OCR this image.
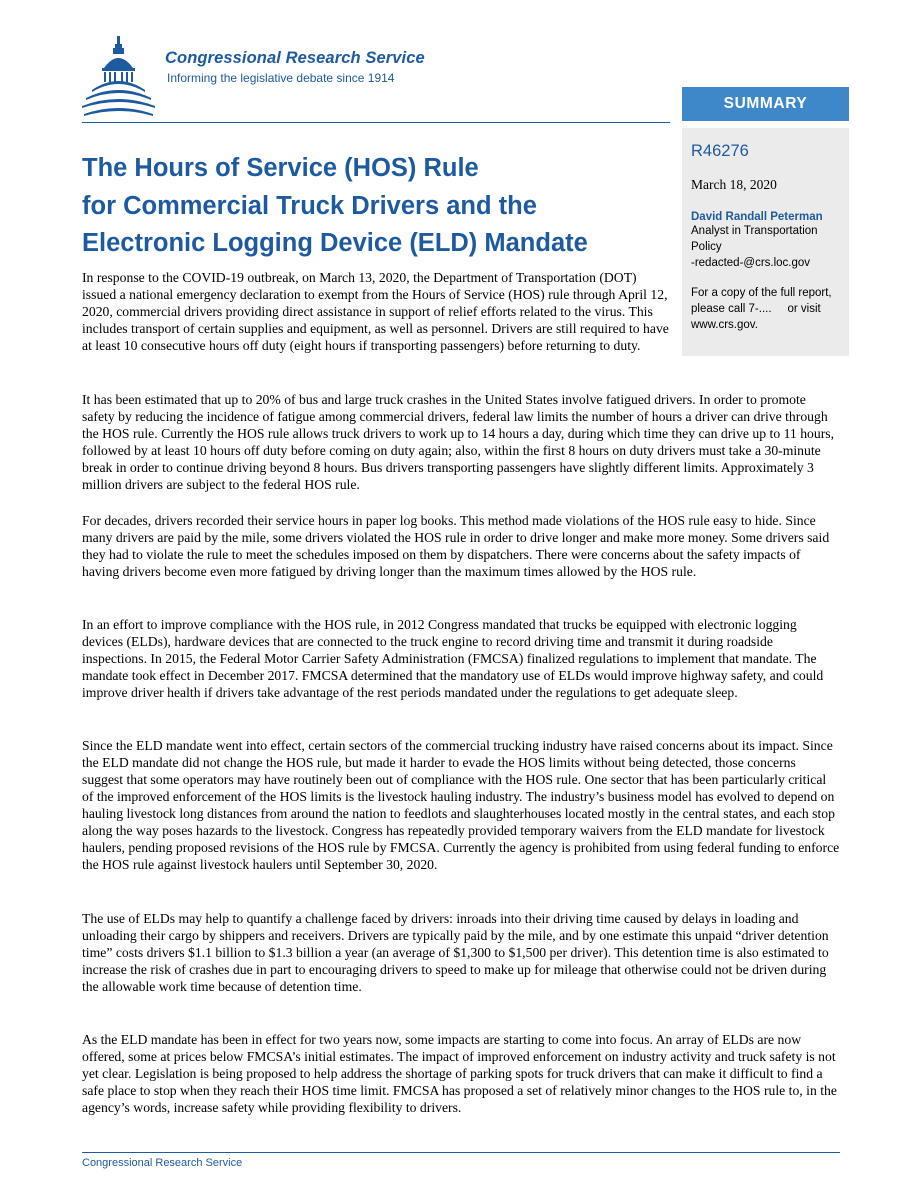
Congressional Research Service
Informing the legislative debate since 1914
SUMMARY
R46276
March 18, 2020
David Randall Peterman
Analyst in Transportation Policy
-redacted-@crs.loc.gov
For a copy of the full report, please call 7-....     or visit www.crs.gov.
The Hours of Service (HOS) Rule
for Commercial Truck Drivers and the
Electronic Logging Device (ELD) Mandate

In response to the COVID-19 outbreak, on March 13, 2020, the Department of Transportation (DOT) issued a national emergency declaration to exempt from the Hours of Service (HOS) rule through April 12, 2020, commercial drivers providing direct assistance in support of relief efforts related to the virus. This includes transport of certain supplies and equipment, as well as personnel. Drivers are still required to have at least 10 consecutive hours off duty (eight hours if transporting passengers) before returning to duty.

It has been estimated that up to 20% of bus and large truck crashes in the United States involve fatigued drivers. In order to promote safety by reducing the incidence of fatigue among commercial drivers, federal law limits the number of hours a driver can drive through the HOS rule. Currently the HOS rule allows truck drivers to work up to 14 hours a day, during which time they can drive up to 11 hours, followed by at least 10 hours off duty before coming on duty again; also, within the first 8 hours on duty drivers must take a 30-minute break in order to continue driving beyond 8 hours. Bus drivers transporting passengers have slightly different limits. Approximately 3 million drivers are subject to the federal HOS rule.

For decades, drivers recorded their service hours in paper log books. This method made violations of the HOS rule easy to hide. Since many drivers are paid by the mile, some drivers violated the HOS rule in order to drive longer and make more money. Some drivers said they had to violate the rule to meet the schedules imposed on them by dispatchers. There were concerns about the safety impacts of having drivers become even more fatigued by driving longer than the maximum times allowed by the HOS rule.

In an effort to improve compliance with the HOS rule, in 2012 Congress mandated that trucks be equipped with electronic logging devices (ELDs), hardware devices that are connected to the truck engine to record driving time and transmit it during roadside inspections. In 2015, the Federal Motor Carrier Safety Administration (FMCSA) finalized regulations to implement that mandate. The mandate took effect in December 2017. FMCSA determined that the mandatory use of ELDs would improve highway safety, and could improve driver health if drivers take advantage of the rest periods mandated under the regulations to get adequate sleep.

Since the ELD mandate went into effect, certain sectors of the commercial trucking industry have raised concerns about its impact. Since the ELD mandate did not change the HOS rule, but made it harder to evade the HOS limits without being detected, those concerns suggest that some operators may have routinely been out of compliance with the HOS rule. One sector that has been particularly critical of the improved enforcement of the HOS limits is the livestock hauling industry. The industry’s business model has evolved to depend on hauling livestock long distances from around the nation to feedlots and slaughterhouses located mostly in the central states, and each stop along the way poses hazards to the livestock. Congress has repeatedly provided temporary waivers from the ELD mandate for livestock haulers, pending proposed revisions of the HOS rule by FMCSA. Currently the agency is prohibited from using federal funding to enforce the HOS rule against livestock haulers until September 30, 2020.

The use of ELDs may help to quantify a challenge faced by drivers: inroads into their driving time caused by delays in loading and unloading their cargo by shippers and receivers. Drivers are typically paid by the mile, and by one estimate this unpaid “driver detention time” costs drivers $1.1 billion to $1.3 billion a year (an average of $1,300 to $1,500 per driver). This detention time is also estimated to increase the risk of crashes due in part to encouraging drivers to speed to make up for mileage that otherwise could not be driven during the allowable work time because of detention time.

As the ELD mandate has been in effect for two years now, some impacts are starting to come into focus. An array of ELDs are now offered, some at prices below FMCSA’s initial estimates. The impact of improved enforcement on industry activity and truck safety is not yet clear. Legislation is being proposed to help address the shortage of parking spots for truck drivers that can make it difficult to find a safe place to stop when they reach their HOS time limit. FMCSA has proposed a set of relatively minor changes to the HOS rule to, in the agency’s words, increase safety while providing flexibility to drivers.

Congressional Research Service
